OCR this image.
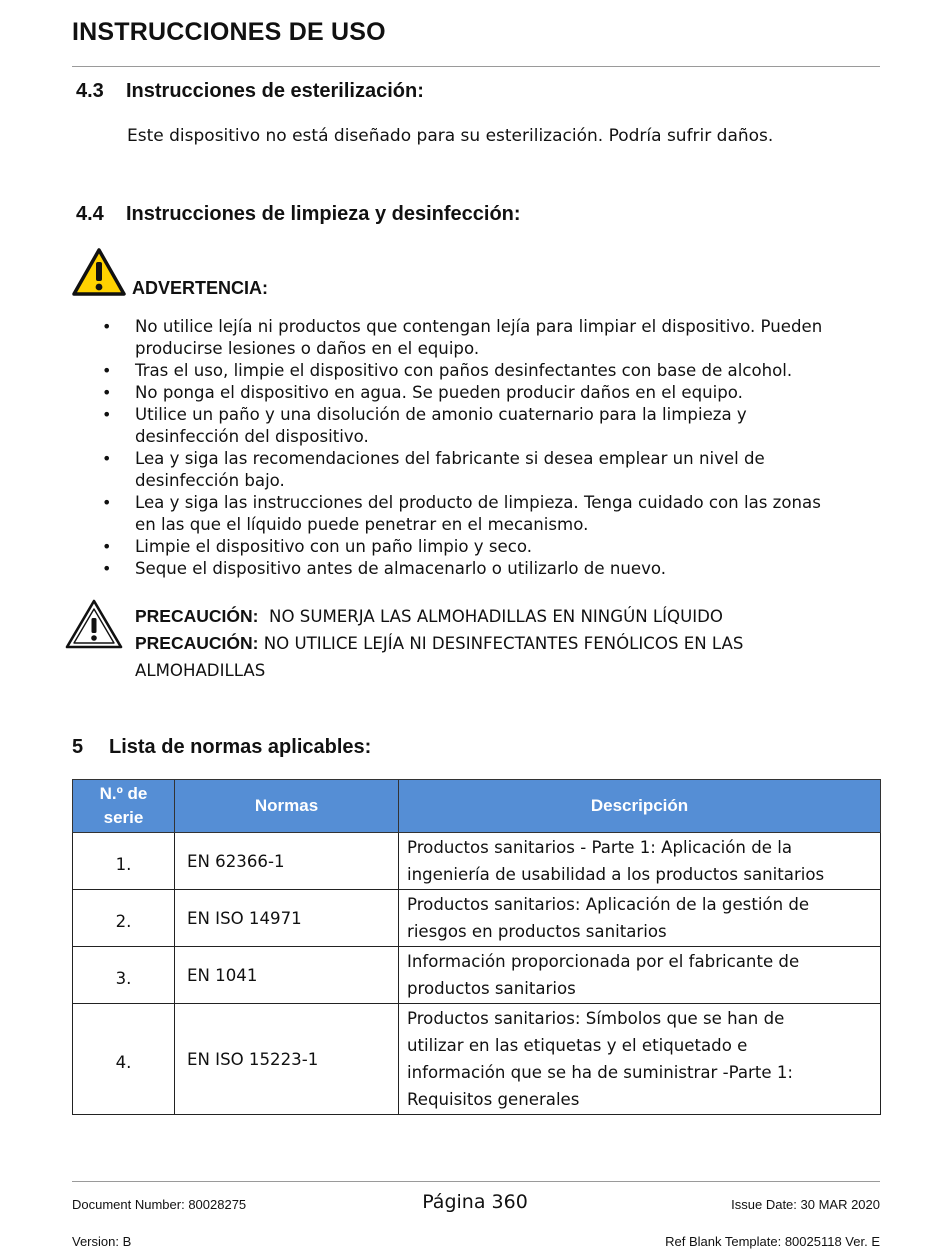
INSTRUCCIONES DE USO
4.3 Instrucciones de esterilización:
Este dispositivo no está diseñado para su esterilización. Podría sufrir daños.
4.4 Instrucciones de limpieza y desinfección:
ADVERTENCIA:
• No utilice lejía ni productos que contengan lejía para limpiar el dispositivo. Pueden
producirse lesiones o daños en el equipo.
• Tras el uso, limpie el dispositivo con paños desinfectantes con base de alcohol.
• No ponga el dispositivo en agua. Se pueden producir daños en el equipo.
• Utilice un paño y una disolución de amonio cuaternario para la limpieza y
desinfección del dispositivo.
• Lea y siga las recomendaciones del fabricante si desea emplear un nivel de
desinfección bajo.
• Lea y siga las instrucciones del producto de limpieza. Tenga cuidado con las zonas
en las que el líquido puede penetrar en el mecanismo.
• Limpie el dispositivo con un paño limpio y seco.
• Seque el dispositivo antes de almacenarlo o utilizarlo de nuevo.
PRECAUCIÓN: NO SUMERJA LAS ALMOHADILLAS EN NINGÚN LÍQUIDO
PRECAUCIÓN: NO UTILICE LEJÍA NI DESINFECTANTES FENÓLICOS EN LAS
ALMOHADILLAS
5 Lista de normas aplicables:
N.º de
serie	Normas	Descripción
1.	EN 62366-1	Productos sanitarios - Parte 1: Aplicación de la
ingeniería de usabilidad a los productos sanitarios
2.	EN ISO 14971	Productos sanitarios: Aplicación de la gestión de
riesgos en productos sanitarios
3.	EN 1041	Información proporcionada por el fabricante de
productos sanitarios
4.	EN ISO 15223-1	Productos sanitarios: Símbolos que se han de
utilizar en las etiquetas y el etiquetado e
información que se ha de suministrar -Parte 1:
Requisitos generales
Document Number: 80028275	Página 360	Issue Date: 30 MAR 2020
Version: B	Ref Blank Template: 80025118 Ver. E
